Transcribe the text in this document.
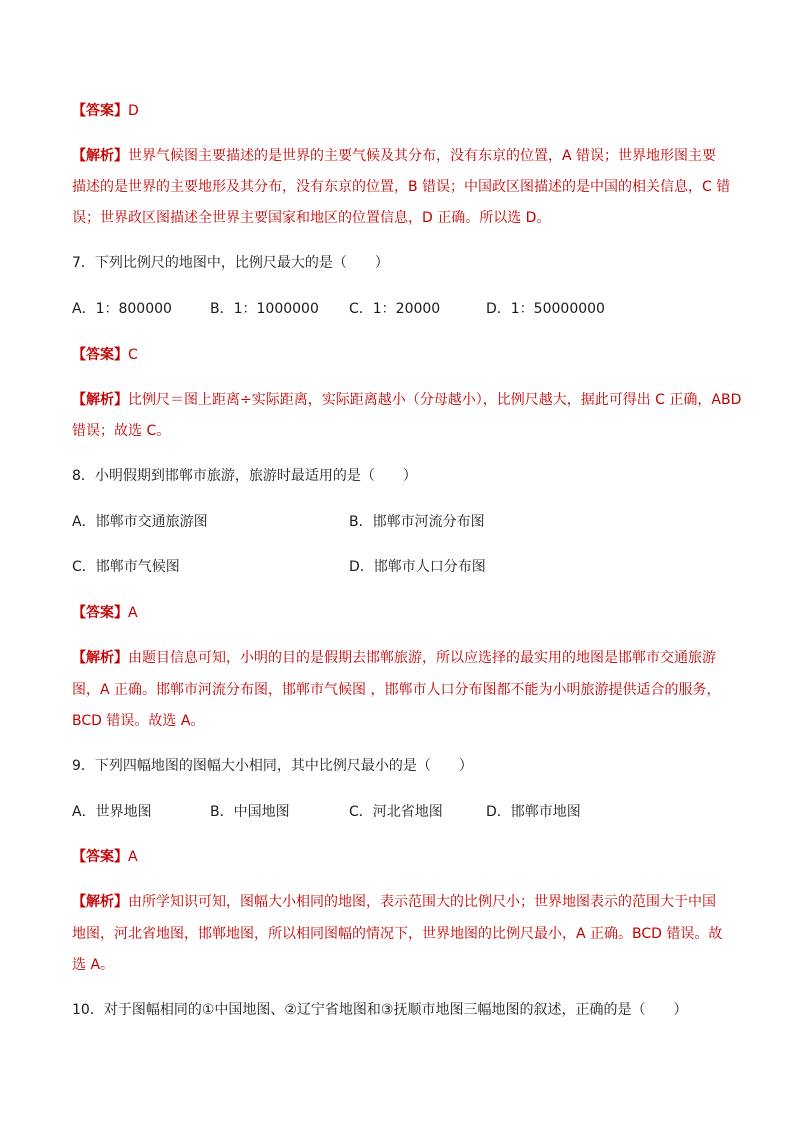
【答案】D
【解析】世界气候图主要描述的是世界的主要气候及其分布，没有东京的位置，A 错误；世界地形图主要
描述的是世界的主要地形及其分布，没有东京的位置，B 错误；中国政区图描述的是中国的相关信息，C 错
误；世界政区图描述全世界主要国家和地区的位置信息，D 正确。所以选 D。
7．下列比例尺的地图中，比例尺最大的是（　　）
A．1：800000	B．1：1000000 C．1：20000	D．1：50000000
【答案】C
【解析】比例尺＝图上距离÷实际距离，实际距离越小（分母越小），比例尺越大，据此可得出 C 正确，ABD
错误；故选 C。
8．小明假期到邯郸市旅游，旅游时最适用的是（　　）
A．邯郸市交通旅游图	B．邯郸市河流分布图
C．邯郸市气候图	D．邯郸市人口分布图
【答案】A
【解析】由题目信息可知，小明的目的是假期去邯郸旅游，所以应选择的最实用的地图是邯郸市交通旅游
图，A 正确。邯郸市河流分布图，邯郸市气候图 ，邯郸市人口分布图都不能为小明旅游提供适合的服务，
BCD 错误。故选 A。
9．下列四幅地图的图幅大小相同，其中比例尺最小的是（　　）
A．世界地图	B．中国地图	C．河北省地图	D．邯郸市地图
【答案】A
【解析】由所学知识可知，图幅大小相同的地图，表示范围大的比例尺小；世界地图表示的范围大于中国
地图，河北省地图，邯郸地图，所以相同图幅的情况下，世界地图的比例尺最小，A 正确。BCD 错误。故
选 A。
10．对于图幅相同的①中国地图、②辽宁省地图和③抚顺市地图三幅地图的叙述，正确的是（　　）
